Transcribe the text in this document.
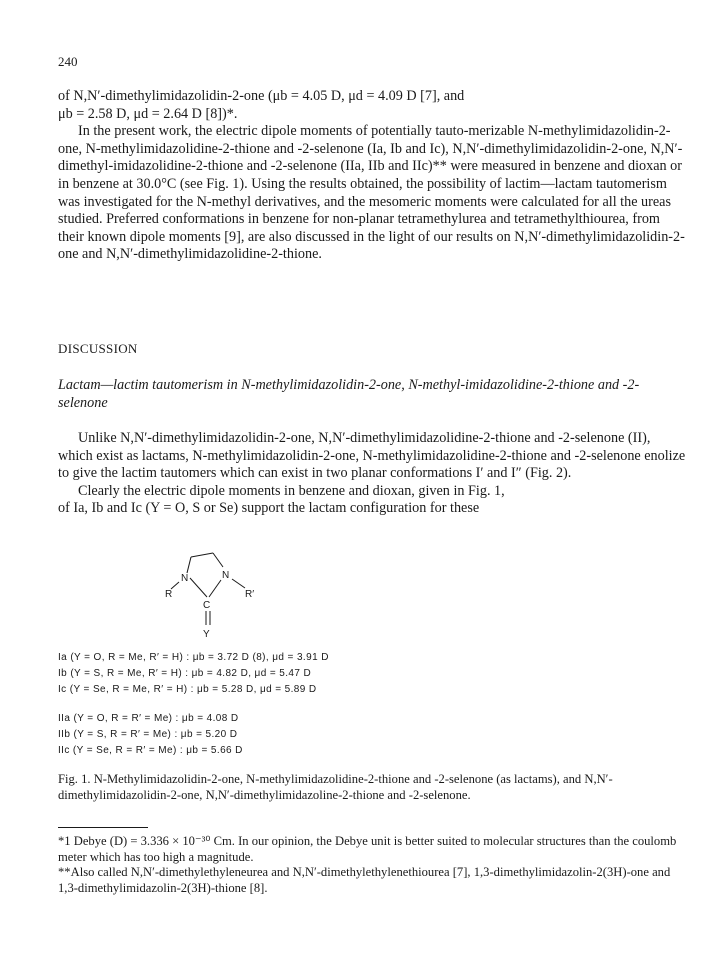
240

of N,N′-dimethylimidazolidin-2-one (μb = 4.05 D, μd = 4.09 D [7], and

μb = 2.58 D, μd = 2.64 D [8])*.

In the present work, the electric dipole moments of potentially tauto-merizable N-methylimidazolidin-2-one, N-methylimidazolidine-2-thione and -2-selenone (Ia, Ib and Ic), N,N′-dimethylimidazolidin-2-one, N,N′-dimethyl-imidazolidine-2-thione and -2-selenone (IIa, IIb and IIc)** were measured in benzene and dioxan or in benzene at 30.0°C (see Fig. 1). Using the results obtained, the possibility of lactim—lactam tautomerism was investigated for the N-methyl derivatives, and the mesomeric moments were calculated for all the ureas studied. Preferred conformations in benzene for non-planar tetramethylurea and tetramethylthiourea, from their known dipole moments [9], are also discussed in the light of our results on N,N′-dimethylimidazolidin-2-one and N,N′-dimethylimidazolidine-2-thione.

DISCUSSION
Lactam—lactim tautomerism in N-methylimidazolidin-2-one, N-methyl-imidazolidine-2-thione and -2-selenone

Unlike N,N′-dimethylimidazolidin-2-one, N,N′-dimethylimidazolidine-2-thione and -2-selenone (II), which exist as lactams, N-methylimidazolidin-2-one, N-methylimidazolidine-2-thione and -2-selenone enolize to give the lactim tautomers which can exist in two planar conformations I′ and I″ (Fig. 2).

Clearly the electric dipole moments in benzene and dioxan, given in Fig. 1,

of Ia, Ib and Ic (Y = O, S or Se) support the lactam configuration for these

R
N	N
R′
C
Y
Ia (Y = O, R = Me, R′ = H) : μb = 3.72 D (8), μd = 3.91 D
Ib (Y = S, R = Me, R′ = H) : μb = 4.82 D, μd = 5.47 D
Ic (Y = Se, R = Me, R′ = H) : μb = 5.28 D, μd = 5.89 D
IIa (Y = O, R = R′ = Me) : μb = 4.08 D
IIb (Y = S, R = R′ = Me) : μb = 5.20 D
IIc (Y = Se, R = R′ = Me) : μb = 5.66 D
Fig. 1. N-Methylimidazolidin-2-one, N-methylimidazolidine-2-thione and -2-selenone (as lactams), and N,N′-dimethylimidazolidin-2-one, N,N′-dimethylimidazoline-2-thione and -2-selenone.

*1 Debye (D) = 3.336 × 10⁻³⁰ Cm. In our opinion, the Debye unit is better suited to molecular structures than the coulomb meter which has too high a magnitude.

**Also called N,N′-dimethylethyleneurea and N,N′-dimethylethylenethiourea [7], 1,3-dimethylimidazolin-2(3H)-one and 1,3-dimethylimidazolin-2(3H)-thione [8].
